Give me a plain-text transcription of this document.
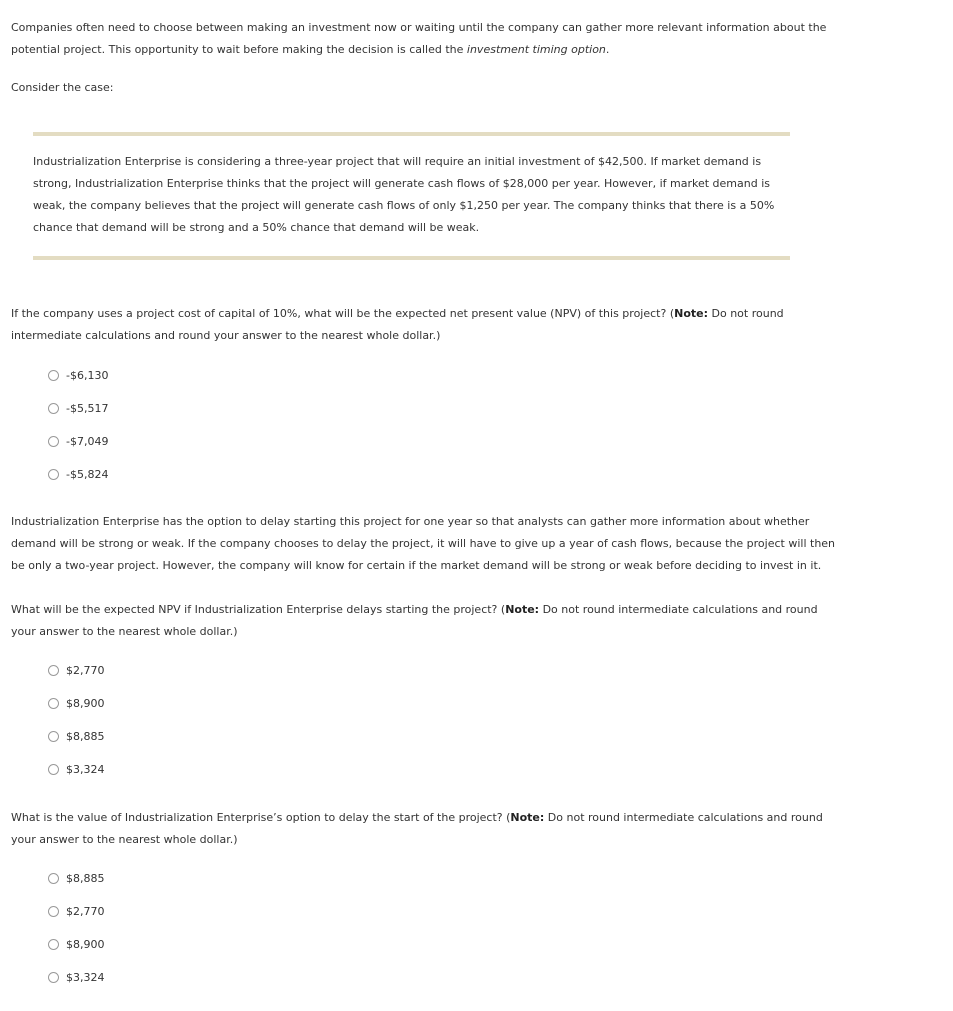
Companies often need to choose between making an investment now or waiting until the company can gather more relevant information about the
potential project. This opportunity to wait before making the decision is called the investment timing option.

Consider the case:

Industrialization Enterprise is considering a three-year project that will require an initial investment of $42,500. If market demand is
strong, Industrialization Enterprise thinks that the project will generate cash flows of $28,000 per year. However, if market demand is
weak, the company believes that the project will generate cash flows of only $1,250 per year. The company thinks that there is a 50%
chance that demand will be strong and a 50% chance that demand will be weak.

If the company uses a project cost of capital of 10%, what will be the expected net present value (NPV) of this project? (Note: Do not round
intermediate calculations and round your answer to the nearest whole dollar.)

-$6,130
-$5,517
-$7,049
-$5,824

Industrialization Enterprise has the option to delay starting this project for one year so that analysts can gather more information about whether
demand will be strong or weak. If the company chooses to delay the project, it will have to give up a year of cash flows, because the project will then
be only a two-year project. However, the company will know for certain if the market demand will be strong or weak before deciding to invest in it.

What will be the expected NPV if Industrialization Enterprise delays starting the project? (Note: Do not round intermediate calculations and round
your answer to the nearest whole dollar.)

$2,770
$8,900
$8,885
$3,324

What is the value of Industrialization Enterprise’s option to delay the start of the project? (Note: Do not round intermediate calculations and round
your answer to the nearest whole dollar.)

$8,885
$2,770
$8,900
$3,324
